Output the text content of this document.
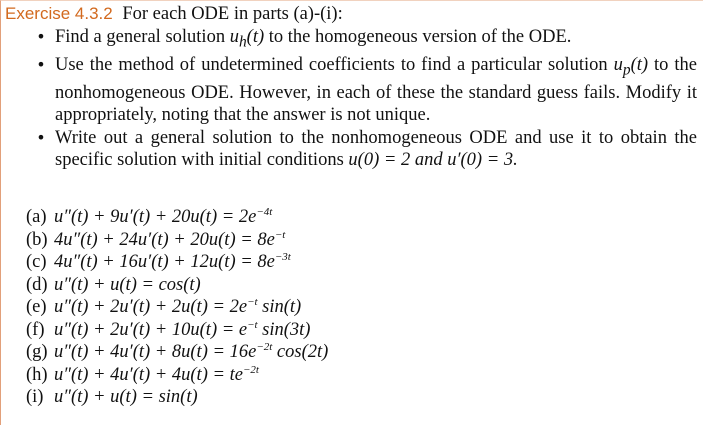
Exercise 4.3.2 For each ODE in parts (a)-(i):
• Find a general solution $u_h(t)$ to the homogeneous version of the ODE.
• Use the method of undetermined coefficients to find a particular solution $u_p(t)$ to the nonhomogeneous ODE. However, in each of these the standard guess fails. Modify it appropriately, noting that the answer is not unique.
• Write out a general solution to the nonhomogeneous ODE and use it to obtain the specific solution with initial conditions u(0) = 2 and u′(0) = 3.
(a) $u''(t) + 9u'(t) + 20u(t) = 2e^{-4t}$
(b) $4u''(t) + 24u'(t) + 20u(t) = 8e^{-t}$
(c) $4u''(t) + 16u'(t) + 12u(t) = 8e^{-3t}$
(d) u″(t) + u(t) = cos(t)
(e) $u''(t) + 2u'(t) + 2u(t) = 2e^{-t}$ sin(t)
(f) $u''(t) + 2u'(t) + 10u(t) = e^{-t}$ sin(3t)
(g) $u''(t) + 4u'(t) + 8u(t) = 16e^{-2t}$ cos(2t)
(h) $u''(t) + 4u'(t) + 4u(t) = te^{-2t}$
(i) u″(t) + u(t) = sin(t)
